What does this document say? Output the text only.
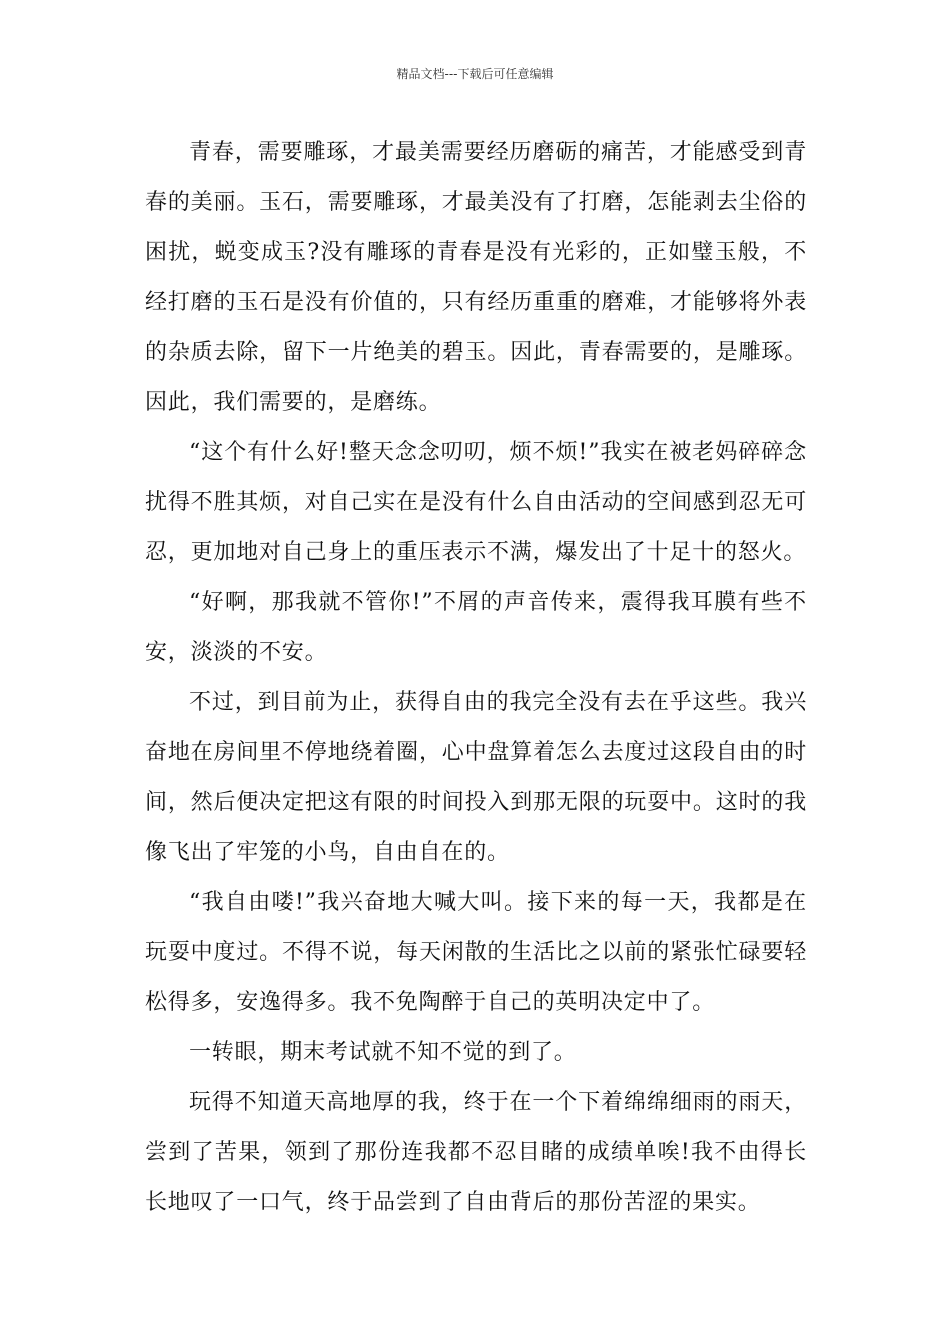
精品文档---下载后可任意编辑

青春，需要雕琢，才最美需要经历磨砺的痛苦，才能感受到青春的美丽。玉石，需要雕琢，才最美没有了打磨，怎能剥去尘俗的困扰，蜕变成玉?没有雕琢的青春是没有光彩的，正如璧玉般，不经打磨的玉石是没有价值的，只有经历重重的磨难，才能够将外表的杂质去除，留下一片绝美的碧玉。因此，青春需要的，是雕琢。因此，我们需要的，是磨练。

“这个有什么好!整天念念叨叨，烦不烦!”我实在被老妈碎碎念扰得不胜其烦，对自己实在是没有什么自由活动的空间感到忍无可忍，更加地对自己身上的重压表示不满，爆发出了十足十的怒火。

“好啊，那我就不管你!”不屑的声音传来，震得我耳膜有些不安，淡淡的不安。

不过，到目前为止，获得自由的我完全没有去在乎这些。我兴奋地在房间里不停地绕着圈，心中盘算着怎么去度过这段自由的时间，然后便决定把这有限的时间投入到那无限的玩耍中。这时的我像飞出了牢笼的小鸟，自由自在的。

“我自由喽!”我兴奋地大喊大叫。接下来的每一天，我都是在玩耍中度过。不得不说，每天闲散的生活比之以前的紧张忙碌要轻松得多，安逸得多。我不免陶醉于自己的英明决定中了。

一转眼，期末考试就不知不觉的到了。

玩得不知道天高地厚的我，终于在一个下着绵绵细雨的雨天，尝到了苦果，领到了那份连我都不忍目睹的成绩单唉!我不由得长长地叹了一口气，终于品尝到了自由背后的那份苦涩的果实。
